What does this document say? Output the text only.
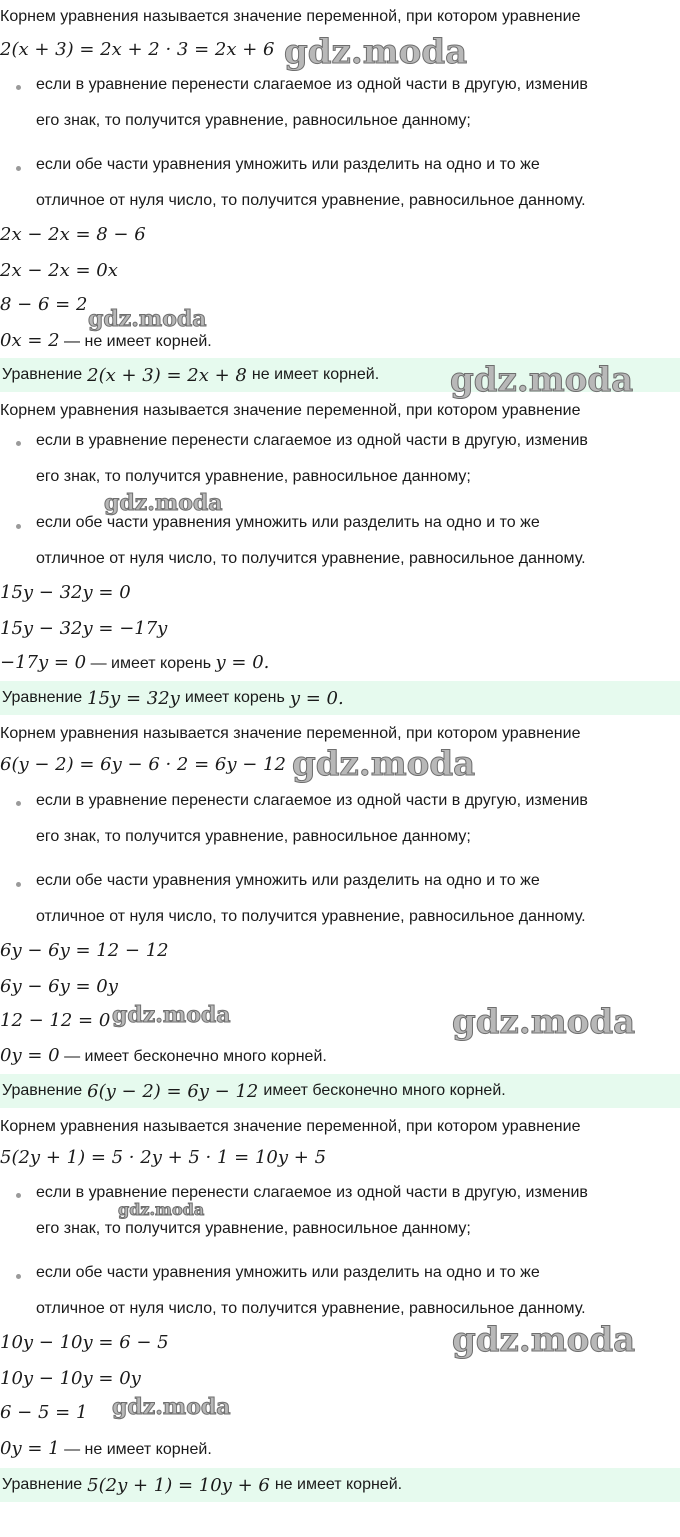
Корнем уравнения называется значение переменной, при котором уравнение
2(x + 3) = 2x + 2 · 3 = 2x + 6 gdz.moda
если в уравнение перенести слагаемое из одной части в другую, изменив
его знак, то получится уравнение, равносильное данному;
если обе части уравнения умножить или разделить на одно и то же
отличное от нуля число, то получится уравнение, равносильное данному.
2x − 2x = 8 − 6
2x − 2x = 0x
8 − 6 = 2
gdz.moda
0x = 2 — не имеет корней.
Уравнение 2(x + 3) = 2x + 8 не имеет корней. gdz.moda
Корнем уравнения называется значение переменной, при котором уравнение
если в уравнение перенести слагаемое из одной части в другую, изменив
его знак, то получится уравнение, равносильное данному;
gdz.moda
если обе части уравнения умножить или разделить на одно и то же
отличное от нуля число, то получится уравнение, равносильное данному.
15y − 32y = 0
15y − 32y = −17y
−17y = 0 — имеет корень y = 0.
Уравнение 15y = 32y имеет корень y = 0.
Корнем уравнения называется значение переменной, при котором уравнение
6(y − 2) = 6y − 6 · 2 = 6y − 12 gdz.moda
если в уравнение перенести слагаемое из одной части в другую, изменив
его знак, то получится уравнение, равносильное данному;
если обе части уравнения умножить или разделить на одно и то же
отличное от нуля число, то получится уравнение, равносильное данному.
6y − 6y = 12 − 12
6y − 6y = 0y
12 − 12 = 0 gdz.moda	gdz.moda
0y = 0 — имеет бесконечно много корней.
Уравнение 6(y − 2) = 6y − 12 имеет бесконечно много корней.
Корнем уравнения называется значение переменной, при котором уравнение
5(2y + 1) = 5 · 2y + 5 · 1 = 10y + 5
если в уравнение перенести слагаемое из одной части в другую, изменив
gdz.moda
его знак, то получится уравнение, равносильное данному;
если обе части уравнения умножить или разделить на одно и то же
отличное от нуля число, то получится уравнение, равносильное данному.
10y − 10y = 6 − 5	gdz.moda
10y − 10y = 0y
6 − 5 = 1 gdz.moda
0y = 1 — не имеет корней.
Уравнение 5(2y + 1) = 10y + 6 не имеет корней.
